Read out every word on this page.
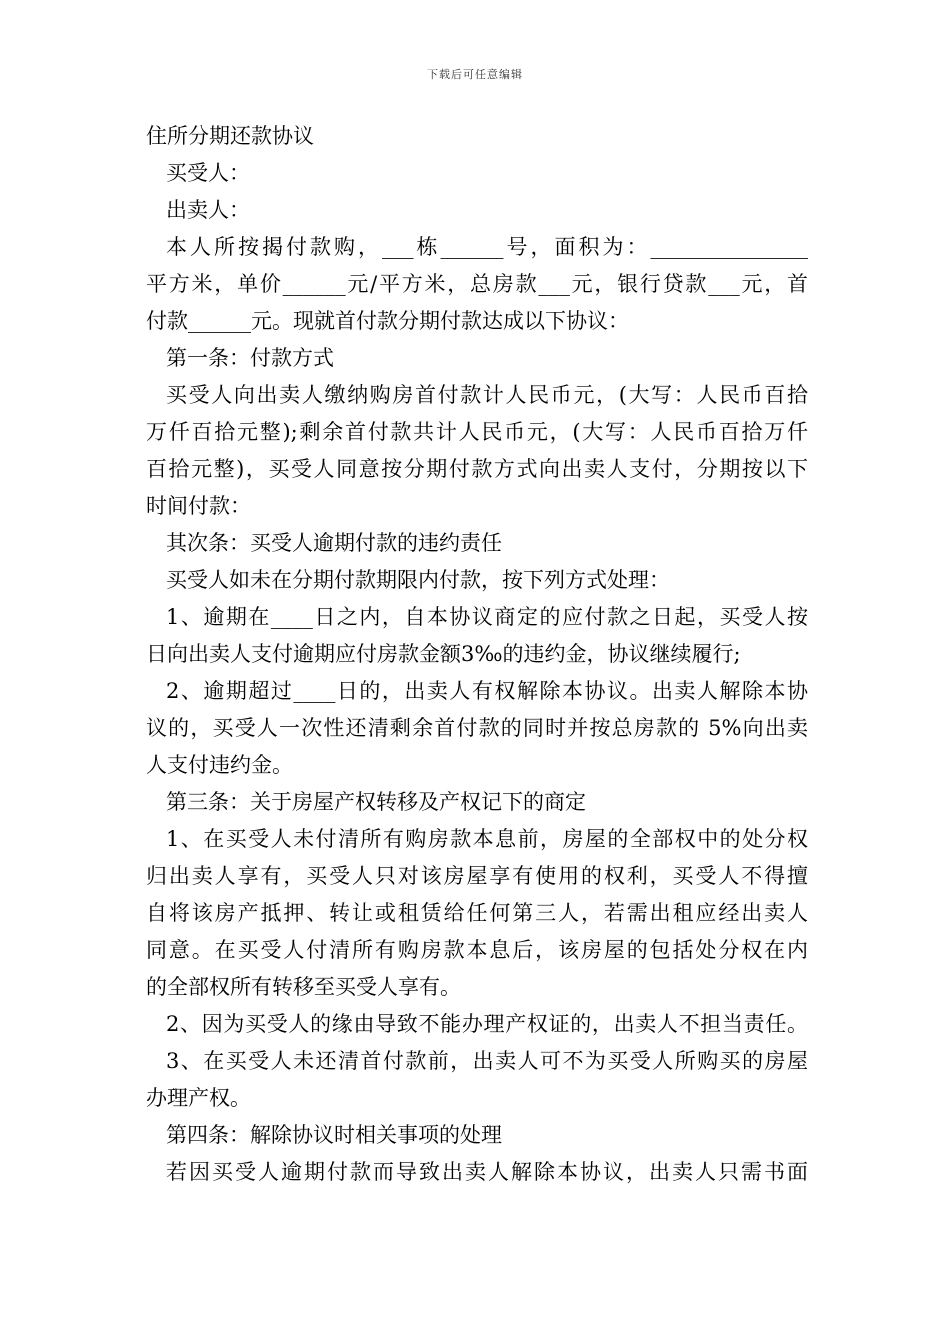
下载后可任意编辑
住所分期还款协议
买受人：
出卖人：
本人所按揭付款购，___栋______号，面积为：_______________
平方米，单价______元/平方米，总房款___元，银行贷款___元，首
付款______元。现就首付款分期付款达成以下协议：
第一条：付款方式
买受人向出卖人缴纳购房首付款计人民币元，(大写：人民币百拾
万仟百拾元整);剩余首付款共计人民币元，(大写：人民币百拾万仟
百拾元整)，买受人同意按分期付款方式向出卖人支付，分期按以下
时间付款：
其次条：买受人逾期付款的违约责任
买受人如未在分期付款期限内付款，按下列方式处理：
1、逾期在____日之内，自本协议商定的应付款之日起，买受人按
日向出卖人支付逾期应付房款金额3‰的违约金，协议继续履行;
2、逾期超过____日的，出卖人有权解除本协议。出卖人解除本协
议的，买受人一次性还清剩余首付款的同时并按总房款的 5%向出卖
人支付违约金。
第三条：关于房屋产权转移及产权记下的商定
1、在买受人未付清所有购房款本息前，房屋的全部权中的处分权
归出卖人享有，买受人只对该房屋享有使用的权利，买受人不得擅
自将该房产抵押、转让或租赁给任何第三人，若需出租应经出卖人
同意。在买受人付清所有购房款本息后，该房屋的包括处分权在内
的全部权所有转移至买受人享有。
2、因为买受人的缘由导致不能办理产权证的，出卖人不担当责任。
3、在买受人未还清首付款前，出卖人可不为买受人所购买的房屋
办理产权。
第四条：解除协议时相关事项的处理
若因买受人逾期付款而导致出卖人解除本协议，出卖人只需书面
